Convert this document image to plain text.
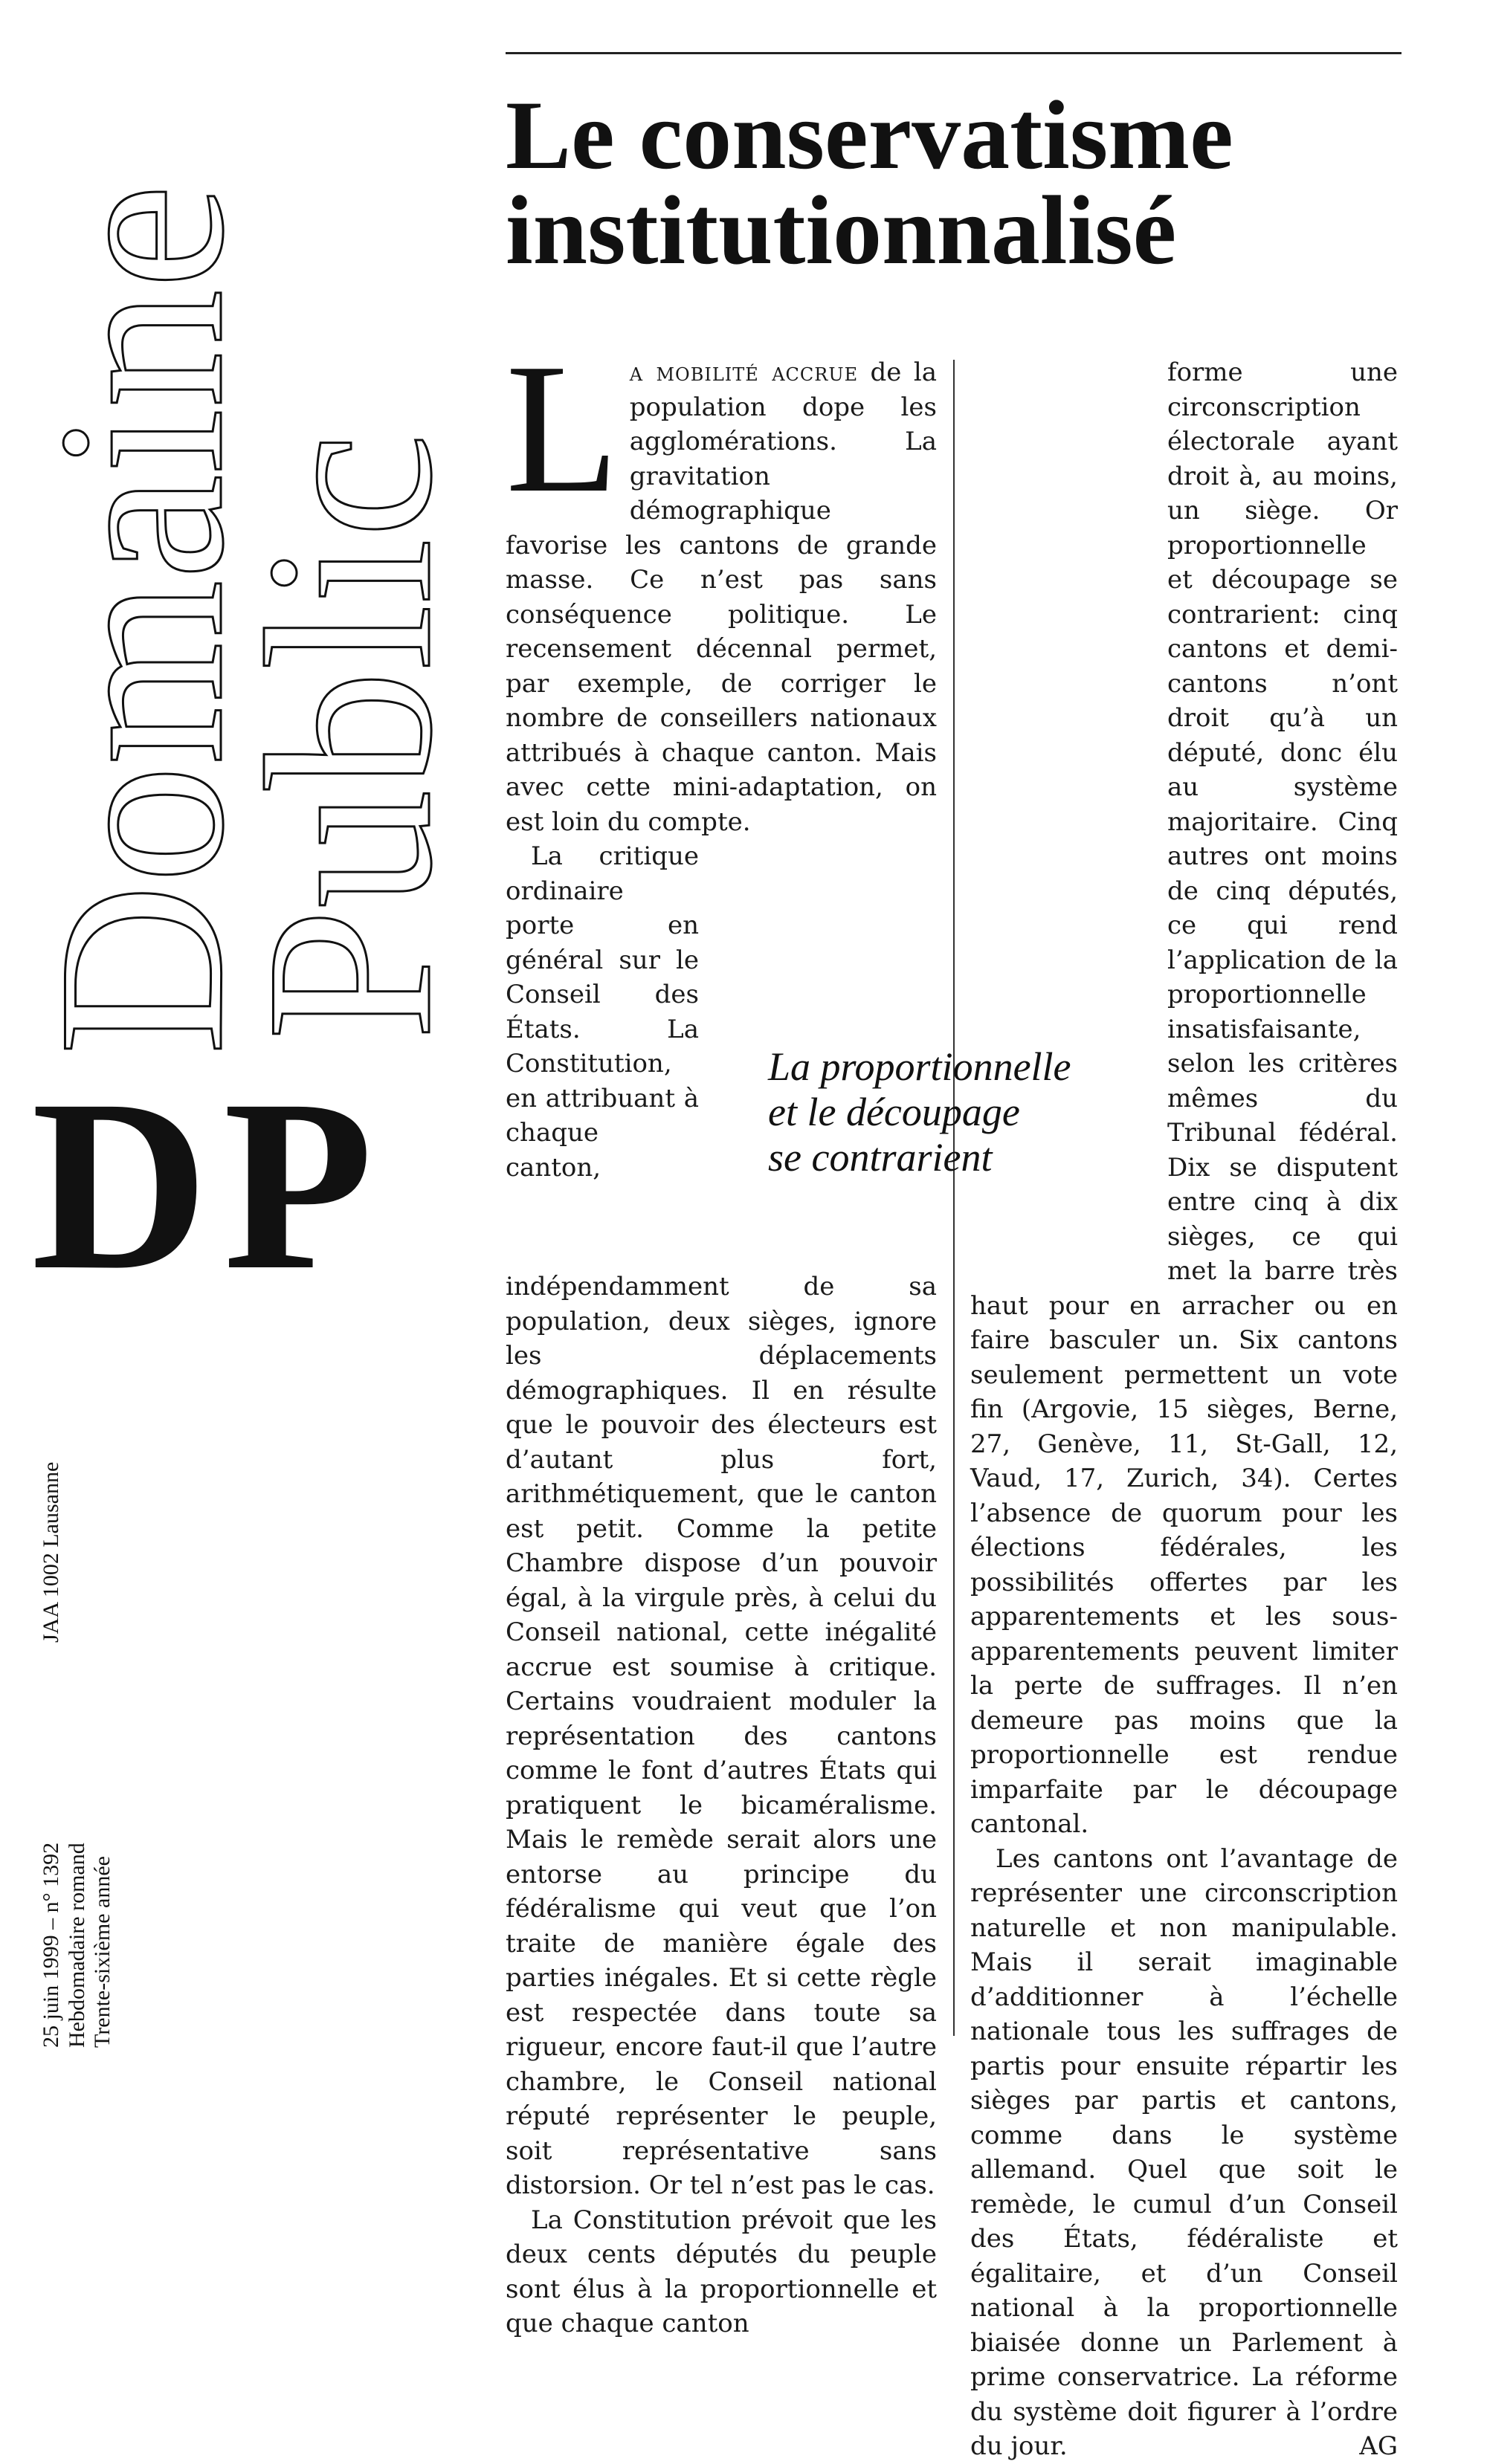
Domaine
Public
DP
JAA 1002 Lausanne
25 juin 1999 – n° 1392 Hebdomadaire romand Trente-sixième année
Le conservatisme institutionnalisé

La mobilité accrue de la population dope les agglomérations. La gravitation démographique favorise les cantons de grande masse. Ce n’est pas sans conséquence politique. Le recensement décennal permet, par exemple, de corriger le nombre de conseillers nationaux attribués à chaque canton. Mais avec cette mini-adaptation, on est loin du compte.

La critique ordinaire porte en général sur le Conseil des États. La Constitution, en attribuant à chaque canton, indépendamment de sa population, deux sièges, ignore les déplacements démographiques. Il en résulte que le pouvoir des électeurs est d’autant plus fort, arithmétiquement, que le canton est petit. Comme la petite Chambre dispose d’un pouvoir égal, à la virgule près, à celui du Conseil national, cette inégalité accrue est soumise à critique. Certains voudraient moduler la représentation des cantons comme le font d’autres États qui pratiquent le bicaméralisme. Mais le remède serait alors une entorse au principe du fédéralisme qui veut que l’on traite de manière égale des parties inégales. Et si cette règle est respectée dans toute sa rigueur, encore faut-il que l’autre chambre, le Conseil national réputé représenter le peuple, soit représentative sans distorsion. Or tel n’est pas le cas.

La Constitution prévoit que les deux cents députés du peuple sont élus à la proportionnelle et que chaque canton

forme une circonscription électorale ayant droit à, au moins, un siège. Or proportionnelle et découpage se contrarient: cinq cantons et demi-cantons n’ont droit qu’à un député, donc élu au système majoritaire. Cinq autres ont moins de cinq députés, ce qui rend l’application de la proportionnelle insatisfaisante, selon les critères mêmes du Tribunal fédéral. Dix se disputent entre cinq à dix sièges, ce qui met la barre très haut pour en arracher ou en faire basculer un. Six cantons seulement permettent un vote fin (Argovie, 15 sièges, Berne, 27, Genève, 11, St-Gall, 12, Vaud, 17, Zurich, 34). Certes l’absence de quorum pour les élections fédérales, les possibilités offertes par les apparentements et les sous-apparentements peuvent limiter la perte de suffrages. Il n’en demeure pas moins que la proportionnelle est rendue imparfaite par le découpage cantonal.

Les cantons ont l’avantage de représenter une circonscription naturelle et non manipulable. Mais il serait imaginable d’additionner à l’échelle nationale tous les suffrages de partis pour ensuite répartir les sièges par partis et cantons, comme dans le système allemand. Quel que soit le remède, le cumul d’un Conseil des États, fédéraliste et égalitaire, et d’un Conseil national à la proportionnelle biaisée donne un Parlement à prime conservatrice. La réforme du système doit figurer à l’ordre du jour.	AG

La proportionnelle
et le découpage
se contrarient
